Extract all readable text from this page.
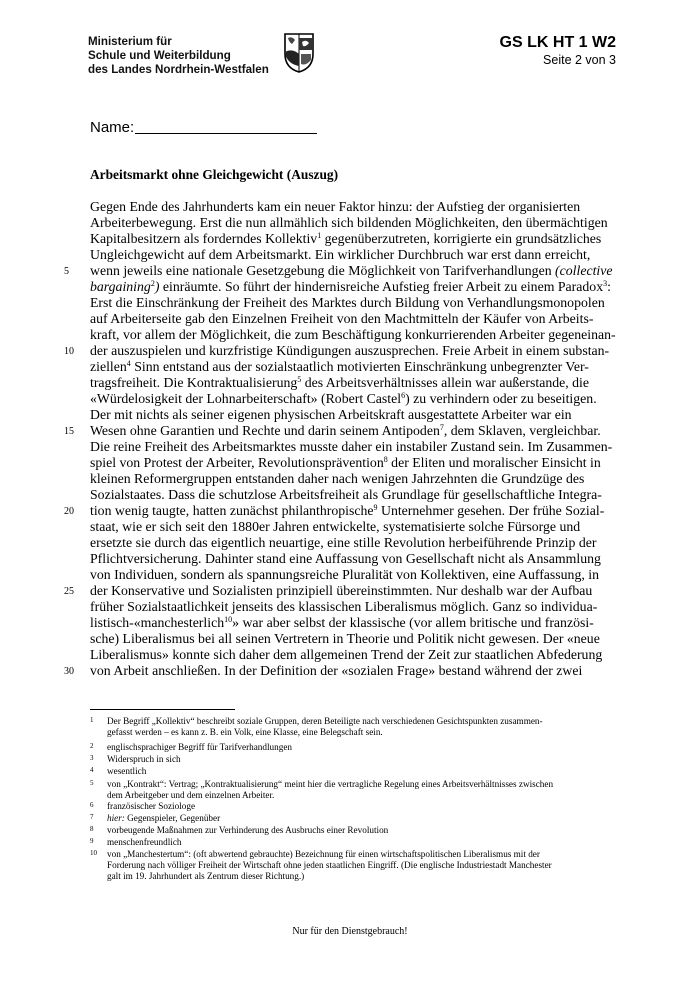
Ministerium für
Schule und Weiterbildung
des Landes Nordrhein-Westfalen
GS LK HT 1 W2
Seite 2 von 3
Name:
Arbeitsmarkt ohne Gleichgewicht (Auszug)
Gegen Ende des Jahrhunderts kam ein neuer Faktor hinzu: der Aufstieg der organisierten
Arbeiterbewegung. Erst die nun allmählich sich bildenden Möglichkeiten, den übermächtigen
Kapitalbesitzern als forderndes Kollektiv$^1$ gegenüberzutreten, korrigierte ein grundsätzliches
Ungleichgewicht auf dem Arbeitsmarkt. Ein wirklicher Durchbruch war erst dann erreicht,
wenn jeweils eine nationale Gesetzgebung die Möglichkeit von Tarifverhandlungen (collective
bargaining$^2$) einräumte. So führt der hindernisreiche Aufstieg freier Arbeit zu einem Paradox$^3$:
Erst die Einschränkung der Freiheit des Marktes durch Bildung von Verhandlungsmonopolen
auf Arbeiterseite gab den Einzelnen Freiheit von den Machtmitteln der Käufer von Arbeits-
kraft, vor allem der Möglichkeit, die zum Beschäftigung konkurrierenden Arbeiter gegeneinan-
der auszuspielen und kurzfristige Kündigungen auszusprechen. Freie Arbeit in einem substan-
ziellen$^4$ Sinn entstand aus der sozialstaatlich motivierten Einschränkung unbegrenzter Ver-
tragsfreiheit. Die Kontraktualisierung$^5$ des Arbeitsverhältnisses allein war außerstande, die
«Würdelosigkeit der Lohnarbeiterschaft» (Robert Castel$^6$) zu verhindern oder zu beseitigen.
Der mit nichts als seiner eigenen physischen Arbeitskraft ausgestattete Arbeiter war ein
Wesen ohne Garantien und Rechte und darin seinem Antipoden$^7$, dem Sklaven, vergleichbar.
Die reine Freiheit des Arbeitsmarktes musste daher ein instabiler Zustand sein. Im Zusammen-
spiel von Protest der Arbeiter, Revolutionsprävention$^8$ der Eliten und moralischer Einsicht in
kleinen Reformergruppen entstanden daher nach wenigen Jahrzehnten die Grundzüge des
Sozialstaates. Dass die schutzlose Arbeitsfreiheit als Grundlage für gesellschaftliche Integra-
tion wenig taugte, hatten zunächst philanthropische$^9$ Unternehmer gesehen. Der frühe Sozial-
staat, wie er sich seit den 1880er Jahren entwickelte, systematisierte solche Fürsorge und
ersetzte sie durch das eigentlich neuartige, eine stille Revolution herbeiführende Prinzip der
Pflichtversicherung. Dahinter stand eine Auffassung von Gesellschaft nicht als Ansammlung
von Individuen, sondern als spannungsreiche Pluralität von Kollektiven, eine Auffassung, in
der Konservative und Sozialisten prinzipiell übereinstimmten. Nur deshalb war der Aufbau
früher Sozialstaatlichkeit jenseits des klassischen Liberalismus möglich. Ganz so individua-
listisch-«manchesterlich$^{10}$» war aber selbst der klassische (vor allem britische und französi-
sche) Liberalismus bei all seinen Vertretern in Theorie und Politik nicht gewesen. Der «neue
Liberalismus» konnte sich daher dem allgemeinen Trend der Zeit zur staatlichen Abfederung
von Arbeit anschließen. In der Definition der «sozialen Frage» bestand während der zwei
5
10
15
20
25
30
1 Der Begriff „Kollektiv“ beschreibt soziale Gruppen, deren Beteiligte nach verschiedenen Gesichtspunkten zusammen-
gefasst werden – es kann z. B. ein Volk, eine Klasse, eine Belegschaft sein.
2 englischsprachiger Begriff für Tarifverhandlungen
3 Widerspruch in sich
4 wesentlich
5 von „Kontrakt“: Vertrag; „Kontraktualisierung“ meint hier die vertragliche Regelung eines Arbeitsverhältnisses zwischen
dem Arbeitgeber und dem einzelnen Arbeiter.
6 französischer Soziologe
7 hier: Gegenspieler, Gegenüber
8 vorbeugende Maßnahmen zur Verhinderung des Ausbruchs einer Revolution
9 menschenfreundlich
10 von „Manchestertum“: (oft abwertend gebrauchte) Bezeichnung für einen wirtschaftspolitischen Liberalismus mit der
Forderung nach völliger Freiheit der Wirtschaft ohne jeden staatlichen Eingriff. (Die englische Industriestadt Manchester
galt im 19. Jahrhundert als Zentrum dieser Richtung.)
Nur für den Dienstgebrauch!
